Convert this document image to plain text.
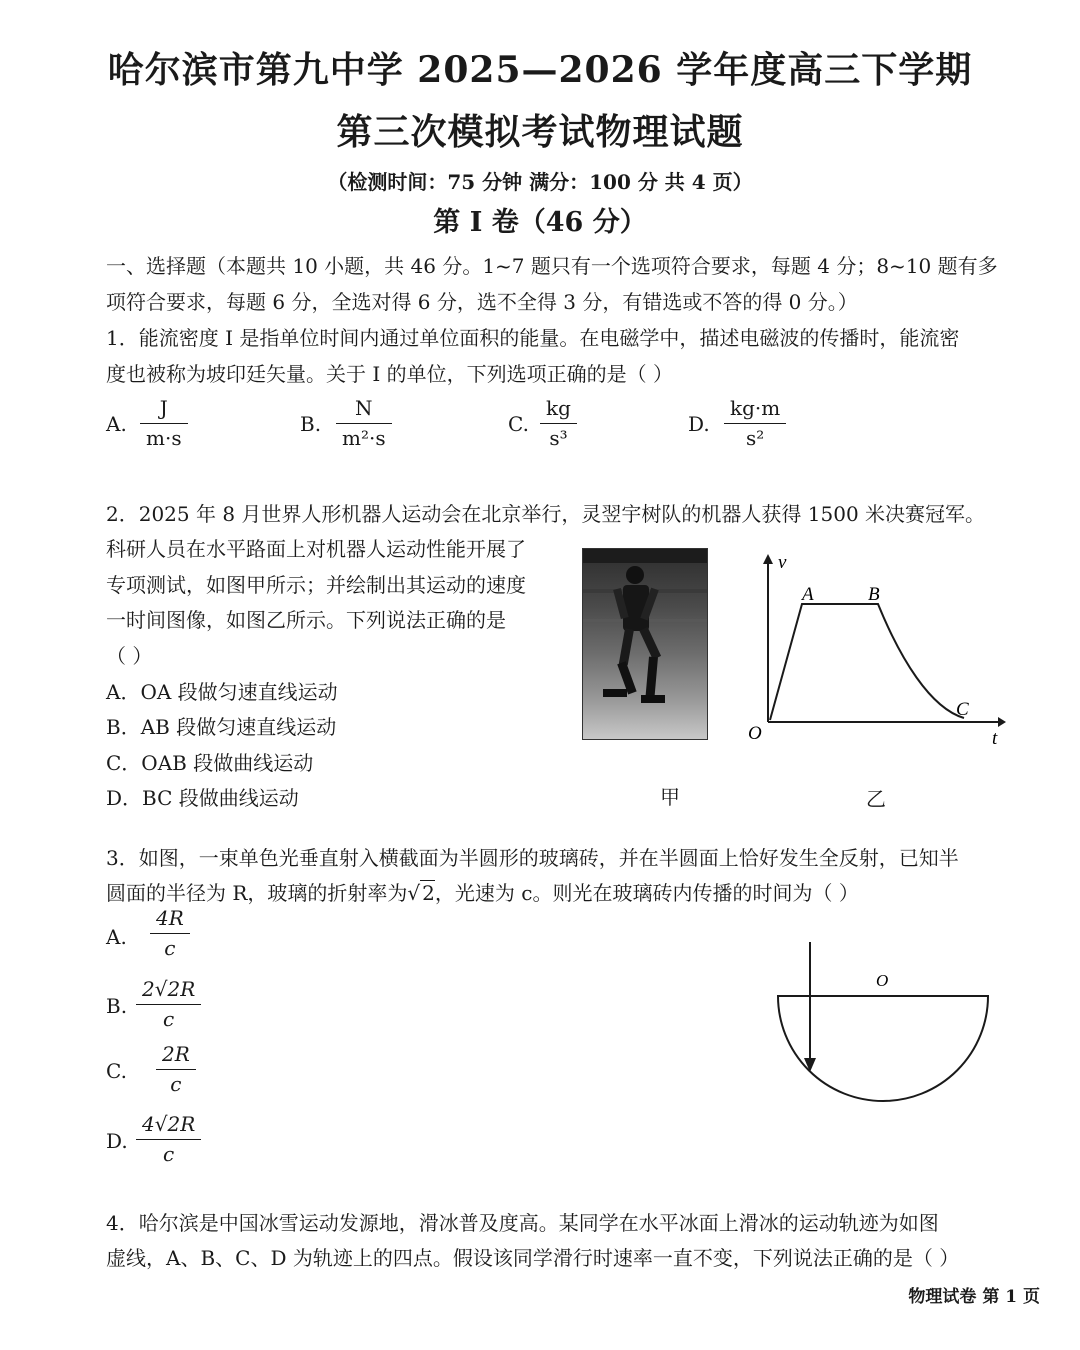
哈尔滨市第九中学 2025—2026 学年度高三下学期
第三次模拟考试物理试题
（检测时间：75 分钟 满分：100 分 共 4 页）
第 I 卷（46 分）
一、选择题（本题共 10 小题，共 46 分。1~7 题只有一个选项符合要求，每题 4 分；8~10 题有多
项符合要求，每题 6 分，全选对得 6 分，选不全得 3 分，有错选或不答的得 0 分。）
1．能流密度 I 是指单位时间内通过单位面积的能量。在电磁学中，描述电磁波的传播时，能流密
度也被称为坡印廷矢量。关于 I 的单位，下列选项正确的是（ ）
A.
J
m·s
B.
N
m²·s
C.
kg
s³
D.
kg·m
s²
2．2025 年 8 月世界人形机器人运动会在北京举行，灵翌宇树队的机器人获得 1500 米决赛冠军。
科研人员在水平路面上对机器人运动性能开展了
专项测试，如图甲所示；并绘制出其运动的速度
一时间图像，如图乙所示。下列说法正确的是
（ ）
A．OA 段做匀速直线运动
B．AB 段做匀速直线运动
C．OAB 段做曲线运动
D．BC 段做曲线运动	甲
v
t
O
A	B
C
乙
3．如图，一束单色光垂直射入横截面为半圆形的玻璃砖，并在半圆面上恰好发生全反射，已知半
圆面的半径为 R，玻璃的折射率为√ 2，光速为 c。则光在玻璃砖内传播的时间为（ ）
A.
4R
c
B.
2√2R
c
C.
2R
c
D.
4√2R
c
O
4．哈尔滨是中国冰雪运动发源地，滑冰普及度高。某同学在水平冰面上滑冰的运动轨迹为如图
虚线，A、B、C、D 为轨迹上的四点。假设该同学滑行时速率一直不变，下列说法正确的是（ ）
物理试卷 第 1 页
